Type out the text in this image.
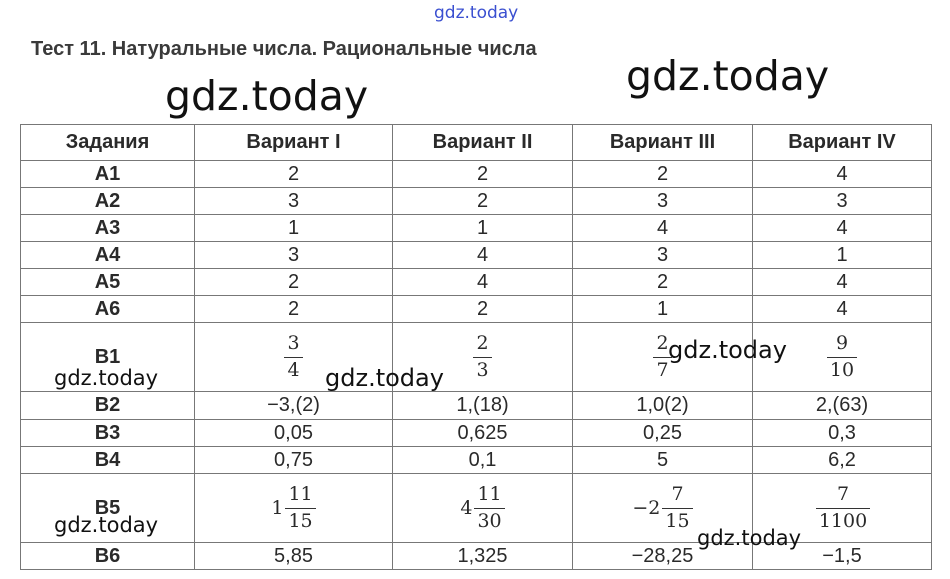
gdz.today
Тест 11. Натуральные числа. Рациональные числа
gdz.today
gdz.today
Задания	Вариант I	Вариант II	Вариант III	Вариант IV
А1	2	2	2	4
А2	3	2	3	3
А3	1	1	4	4
А4	3	4	3	1
А5	2	4	2	4
А6	2	2	1	4
В1	$\frac{3}{4}$	$\frac{2}{3}$	$\frac{2}{7}$	$\frac{9}{10}$

В2	−3,(2)	1,(18)	1,0(2)	2,(63)
В3	0,05	0,625	0,25	0,3
В4	0,75	0,1	5	6,2
В5	$1 \frac{11}{15}$	$4 \frac{11}{30}$	$-2 \frac{7}{15}$	$\frac{7}{1100}$

В6	5,85	1,325	−28,25	−1,5
gdz.today	gdz.today
gdz.today
gdz.today
gdz.today
